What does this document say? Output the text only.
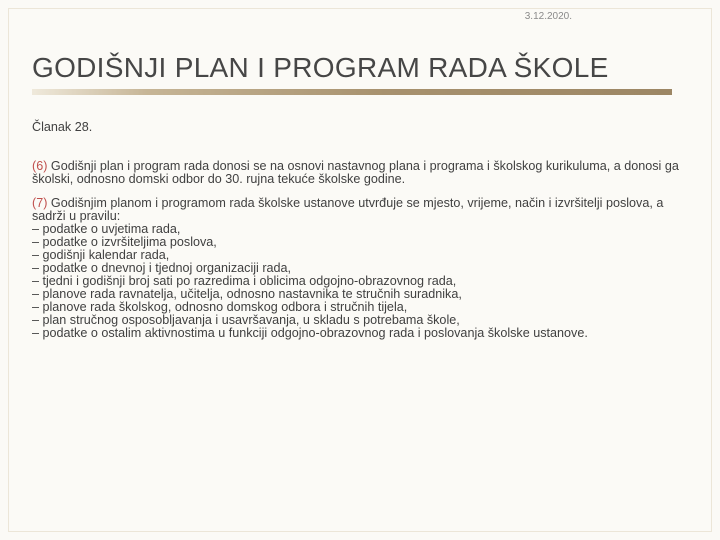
3.12.2020.
GODIŠNJI PLAN I PROGRAM RADA ŠKOLE
Članak 28.
(6) Godišnji plan i program rada donosi se na osnovi nastavnog plana i programa i školskog kurikuluma, a donosi ga školski, odnosno domski odbor do 30. rujna tekuće školske godine.
(7) Godišnjim planom i programom rada školske ustanove utvrđuje se mjesto, vrijeme, način i izvršitelji poslova, a sadrži u pravilu:
– podatke o uvjetima rada,
– podatke o izvršiteljima poslova,
– godišnji kalendar rada,
– podatke o dnevnoj i tjednoj organizaciji rada,
– tjedni i godišnji broj sati po razredima i oblicima odgojno-obrazovnog rada,
– planove rada ravnatelja, učitelja, odnosno nastavnika te stručnih suradnika,
– planove rada školskog, odnosno domskog odbora i stručnih tijela,
– plan stručnog osposobljavanja i usavršavanja, u skladu s potrebama škole,
– podatke o ostalim aktivnostima u funkciji odgojno-obrazovnog rada i poslovanja školske ustanove.
